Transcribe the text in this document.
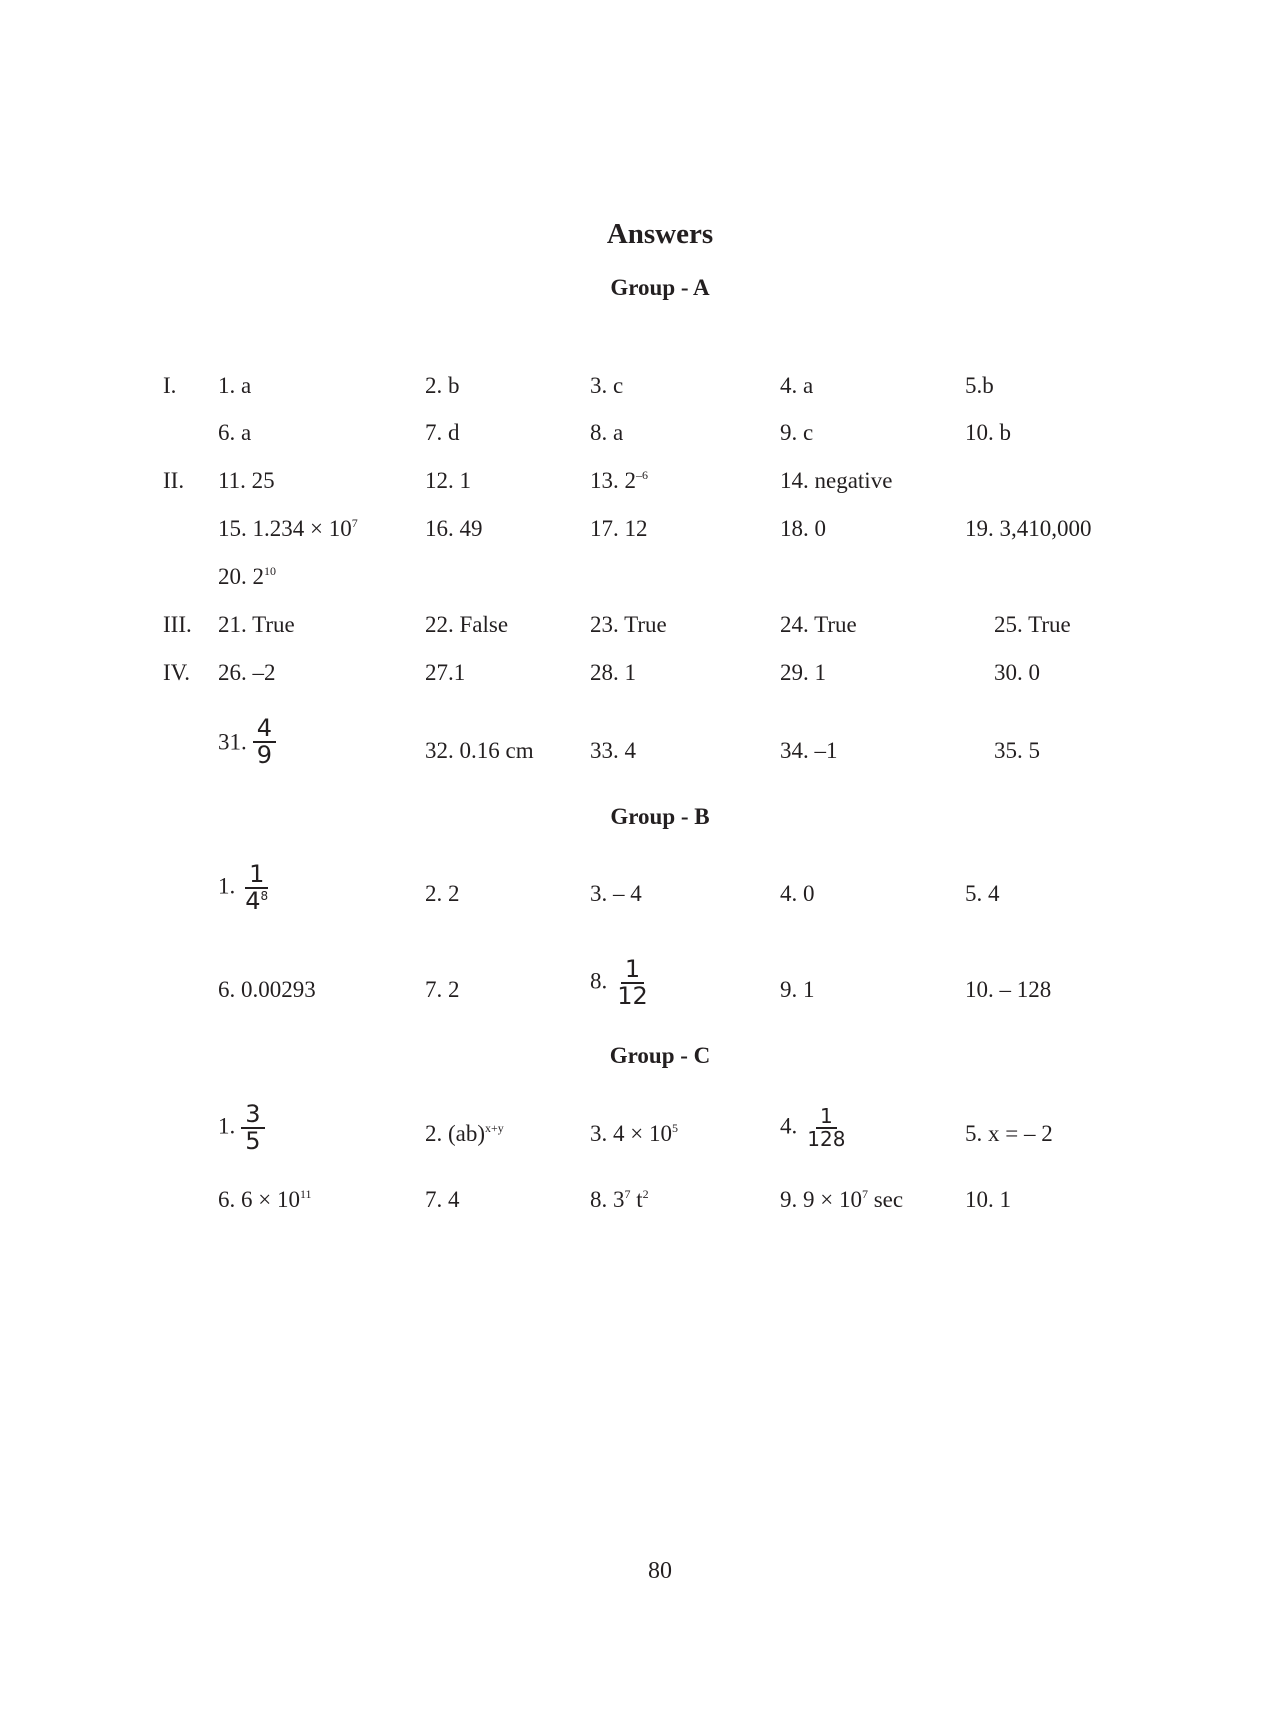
Answers
Group - A
I. 1. a	2. b	3. c	4. a	5.b
6. a	7. d	8. a	9. c	10. b
II. 11. 25	12. 1	13. $2^{-6}$	14. negative
15. $1.234 \times 10^7$	16. 49	17. 12	18. 0	19. 3,410,000
20. $2^{10}$
III. 21. True	22. False	23. True	24. True	25. True
IV. 26. –2	27.1	28. 1	29. 1	30. 0
31. $\frac{4}{9}$	32. 0.16 cm 33. 4	34. –1	35. 5
Group - B
1. $\frac{1}{4^8}$	2. 2	3. – 4	4. 0	5. 4
6. 0.00293	7. 2	8. $\frac{1}{12}$	9. 1	10. – 128
Group - C
1. $\frac{3}{5}$	2. (ab)$^{x+y}$	3. $4 \times 10^5$	4. $\frac{1}{128}$	5. x = – 2
6. $6 \times 10^{11}$	7. 4	8. $3^7$ $t^2$	9. $9 \times 10^7$ sec	10. 1
80
